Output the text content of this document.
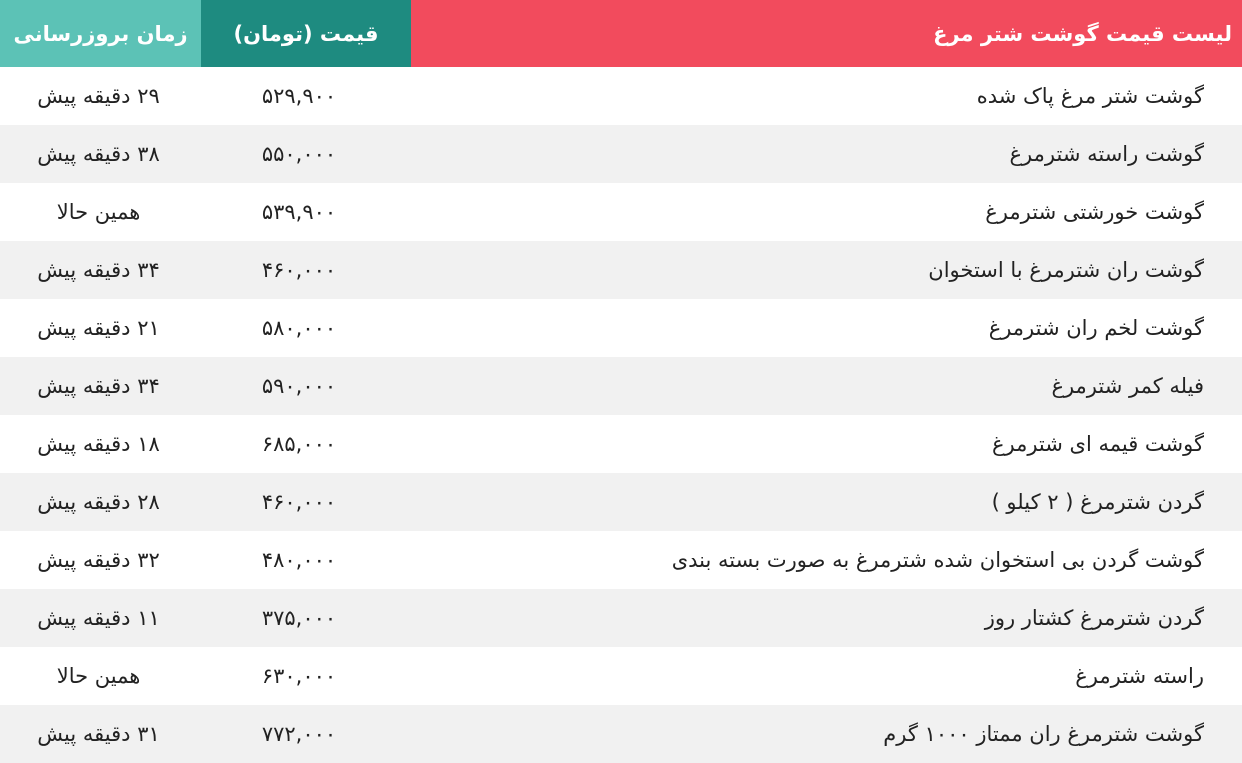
لیست قیمت گوشت شتر مرغ
قیمت (تومان)
زمان بروزرسانی
گوشت شتر مرغ پاک شده
۵۲۹,۹۰۰
۲۹ دقیقه پیش
گوشت راسته شترمرغ
۵۵۰,۰۰۰
۳۸ دقیقه پیش
گوشت خورشتی شترمرغ
۵۳۹,۹۰۰
همین حالا
گوشت ران شترمرغ با استخوان
۴۶۰,۰۰۰
۳۴ دقیقه پیش
گوشت لخم ران شترمرغ
۵۸۰,۰۰۰
۲۱ دقیقه پیش
فیله کمر شترمرغ
۵۹۰,۰۰۰
۳۴ دقیقه پیش
گوشت قیمه ای شترمرغ
۶۸۵,۰۰۰
۱۸ دقیقه پیش
گردن شترمرغ ( ۲ کیلو )
۴۶۰,۰۰۰
۲۸ دقیقه پیش
گوشت گردن بی استخوان شده شترمرغ به صورت بسته بندی
۴۸۰,۰۰۰
۳۲ دقیقه پیش
گردن شترمرغ کشتار روز
۳۷۵,۰۰۰
۱۱ دقیقه پیش
راسته شترمرغ
۶۳۰,۰۰۰
همین حالا
گوشت شترمرغ ران ممتاز ۱۰۰۰ گرم
۷۷۲,۰۰۰
۳۱ دقیقه پیش
